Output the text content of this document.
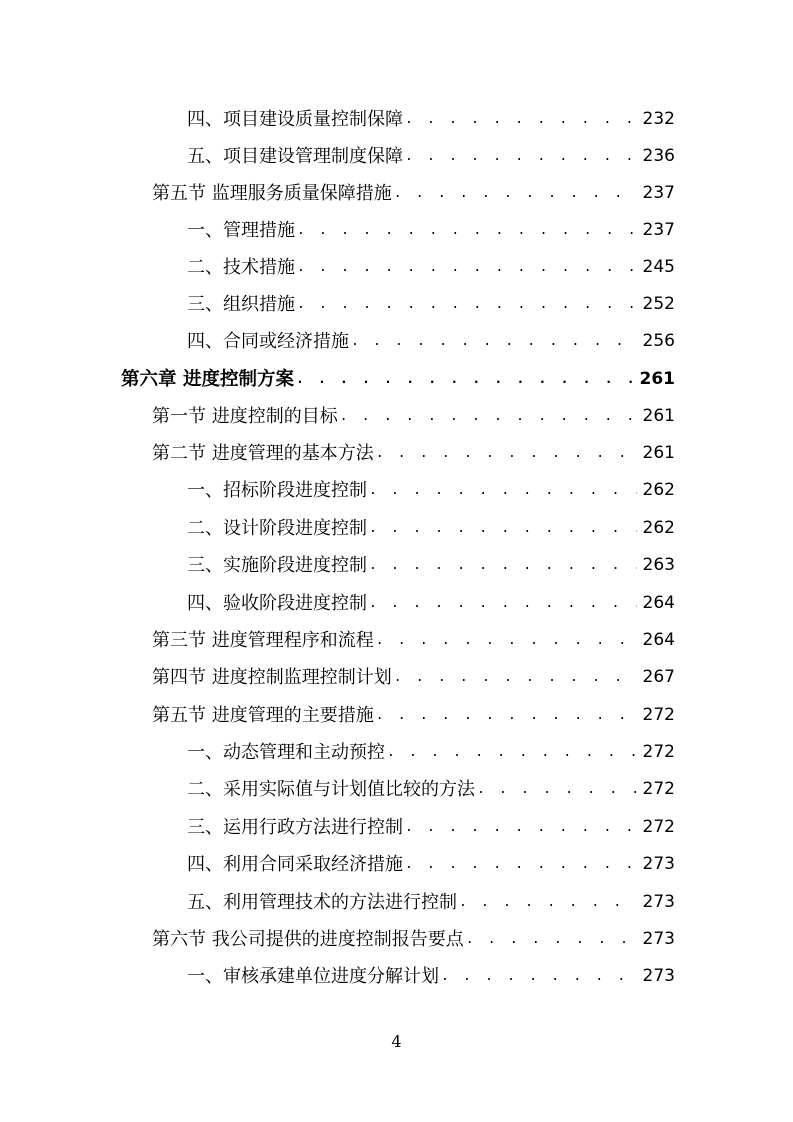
四、项目建设质量控制保障 . . .	232
五、项目建设管理制度保障 . . .	236
第五节 监理服务质量保障措施 . . .	237
一、管理措施 . . .	237
二、技术措施 . . .	245
三、组织措施 . . .	252
四、合同或经济措施 . . .	256
第六章 进度控制方案 . . .	261
第一节 进度控制的目标 . . .	261
第二节 进度管理的基本方法 . . .	261
一、招标阶段进度控制 . . .	262
二、设计阶段进度控制 . . .	262
三、实施阶段进度控制 . . .	263
四、验收阶段进度控制 . . .	264
第三节 进度管理程序和流程 . . .	264
第四节 进度控制监理控制计划 . . .	267
第五节 进度管理的主要措施 . . .	272
一、动态管理和主动预控 . . .	272
二、采用实际值与计划值比较的方法 . . .	272
三、运用行政方法进行控制 . . .	272
四、利用合同采取经济措施 . . .	273
五、利用管理技术的方法进行控制 . . .	273
第六节 我公司提供的进度控制报告要点 . . .	273
一、审核承建单位进度分解计划 . . .	273
4
